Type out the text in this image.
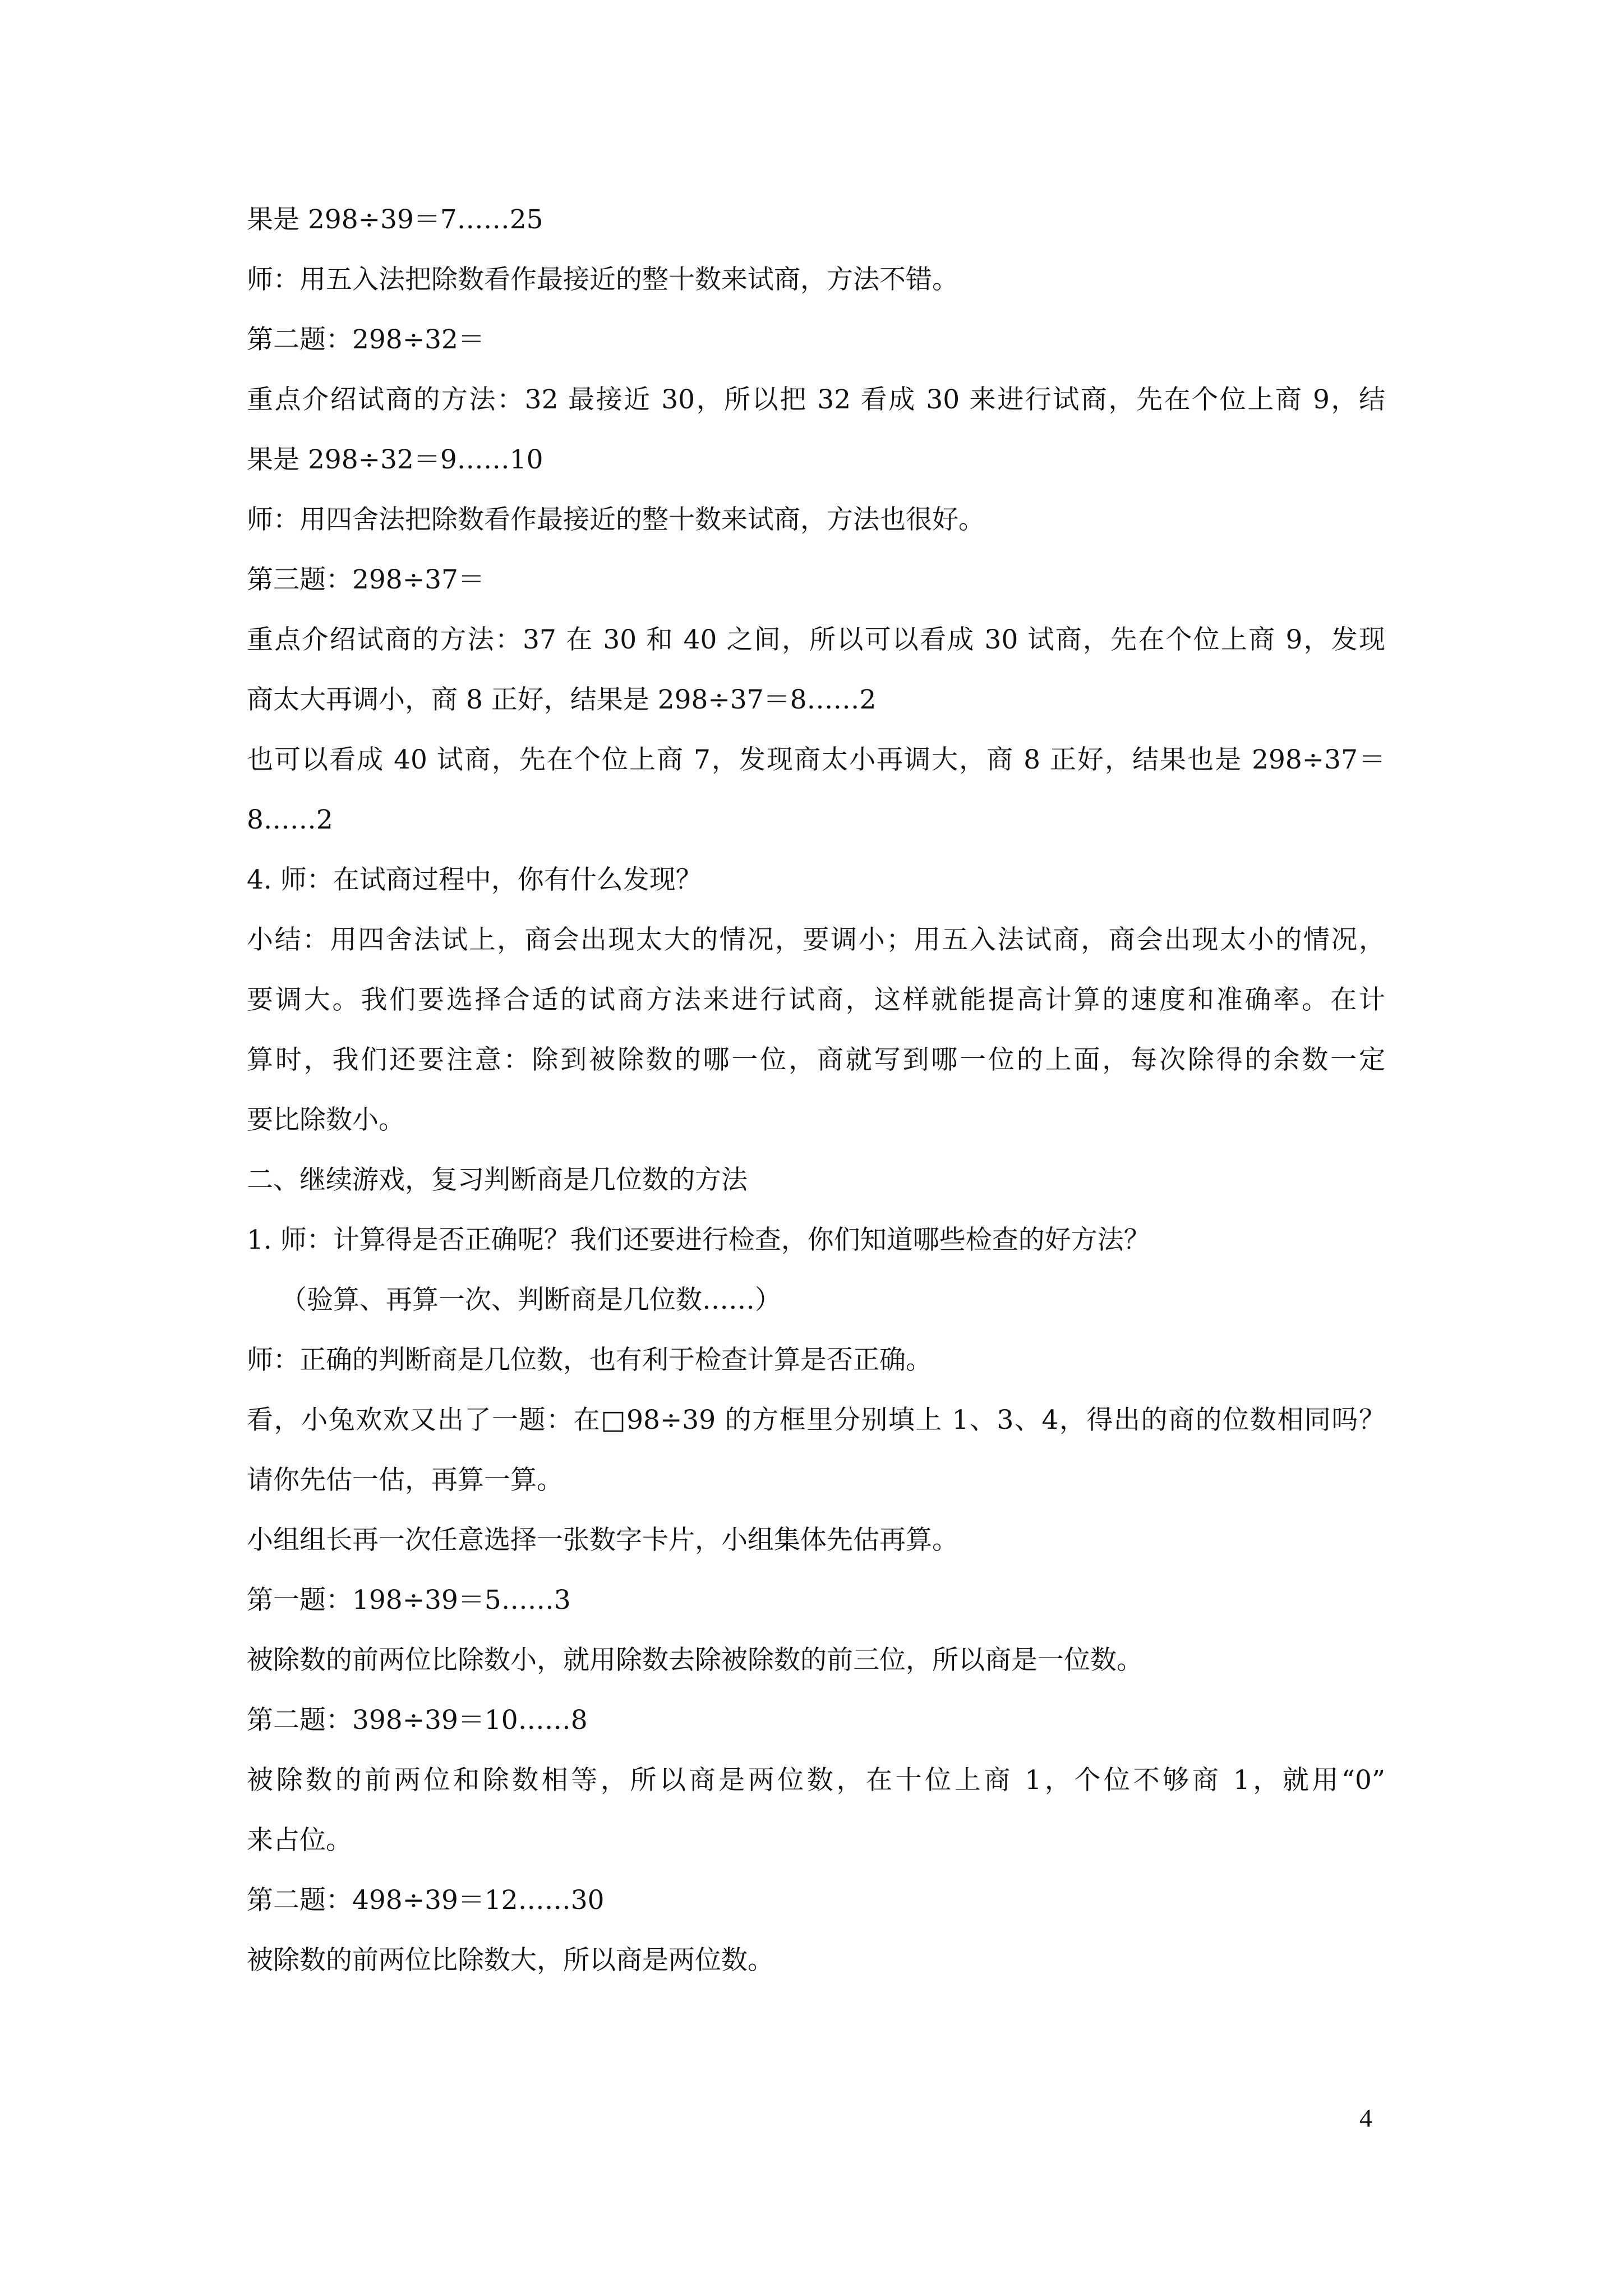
果是 298÷39＝7……25
师：用五入法把除数看作最接近的整十数来试商，方法不错。
第二题：298÷32＝
重点介绍试商的方法：32 最接近 30，所以把 32 看成 30 来进行试商，先在个位上商 9，结
果是 298÷32＝9……10
师：用四舍法把除数看作最接近的整十数来试商，方法也很好。
第三题：298÷37＝
重点介绍试商的方法：37 在 30 和 40 之间，所以可以看成 30 试商，先在个位上商 9，发现
商太大再调小，商 8 正好，结果是 298÷37＝8……2
也可以看成 40 试商，先在个位上商 7，发现商太小再调大，商 8 正好，结果也是 298÷37＝
8……2
4. 师：在试商过程中，你有什么发现？
小结：用四舍法试上，商会出现太大的情况，要调小；用五入法试商，商会出现太小的情况，
要调大。我们要选择合适的试商方法来进行试商，这样就能提高计算的速度和准确率。在计
算时，我们还要注意：除到被除数的哪一位，商就写到哪一位的上面，每次除得的余数一定
要比除数小。
二、继续游戏，复习判断商是几位数的方法
1. 师：计算得是否正确呢？我们还要进行检查，你们知道哪些检查的好方法？
（验算、再算一次、判断商是几位数……）
师：正确的判断商是几位数，也有利于检查计算是否正确。
看，小兔欢欢又出了一题：在□98÷39 的方框里分别填上 1、3、4，得出的商的位数相同吗？
请你先估一估，再算一算。
小组组长再一次任意选择一张数字卡片，小组集体先估再算。
第一题：198÷39＝5……3
被除数的前两位比除数小，就用除数去除被除数的前三位，所以商是一位数。
第二题：398÷39＝10……8
被除数的前两位和除数相等，所以商是两位数，在十位上商 1，个位不够商 1，就用“0”
来占位。
第二题：498÷39＝12……30
被除数的前两位比除数大，所以商是两位数。
4
